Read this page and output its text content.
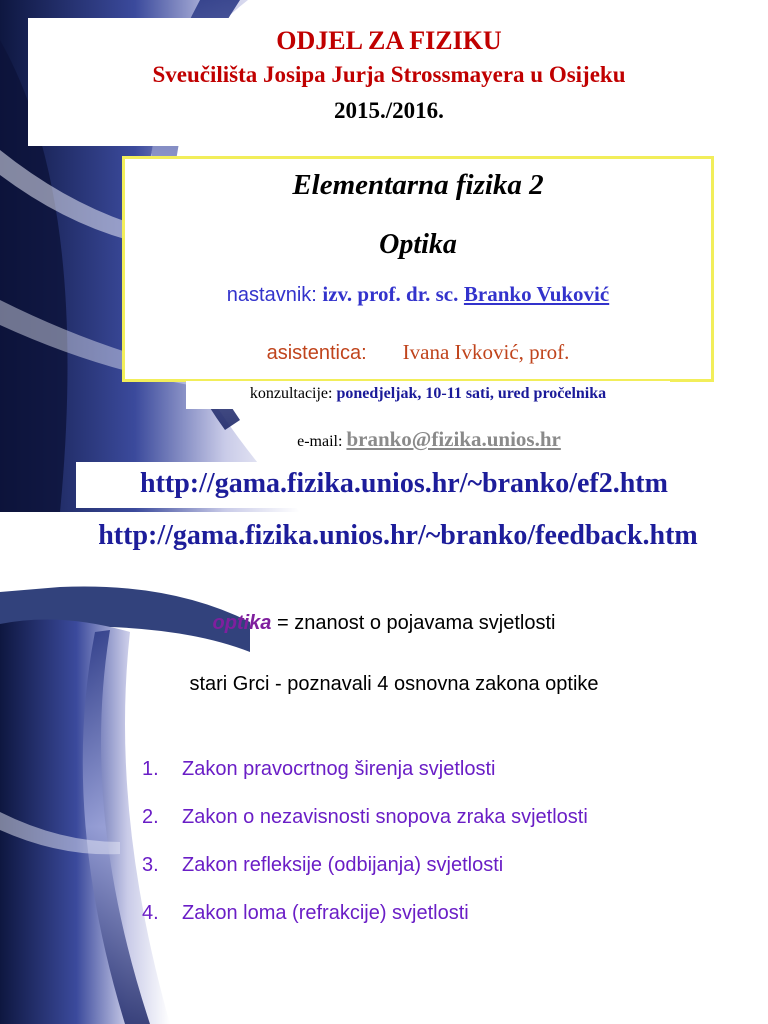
ODJEL ZA FIZIKU
Sveučilišta Josipa Jurja Strossmayera u Osijeku
2015./2016.
Elementarna fizika 2
Optika
nastavnik: izv. prof. dr. sc. Branko Vuković
asistentica: Ivana Ivković, prof.
konzultacije: ponedjeljak, 10-11 sati, ured pročelnika
e-mail: branko@fizika.unios.hr
http://gama.fizika.unios.hr/~branko/ef2.htm
http://gama.fizika.unios.hr/~branko/feedback.htm
optika = znanost o pojavama svjetlosti
stari Grci - poznavali 4 osnovna zakona optike
1. Zakon pravocrtnog širenja svjetlosti
2. Zakon o nezavisnosti snopova zraka svjetlosti
3. Zakon refleksije (odbijanja) svjetlosti
4. Zakon loma (refrakcije) svjetlosti
